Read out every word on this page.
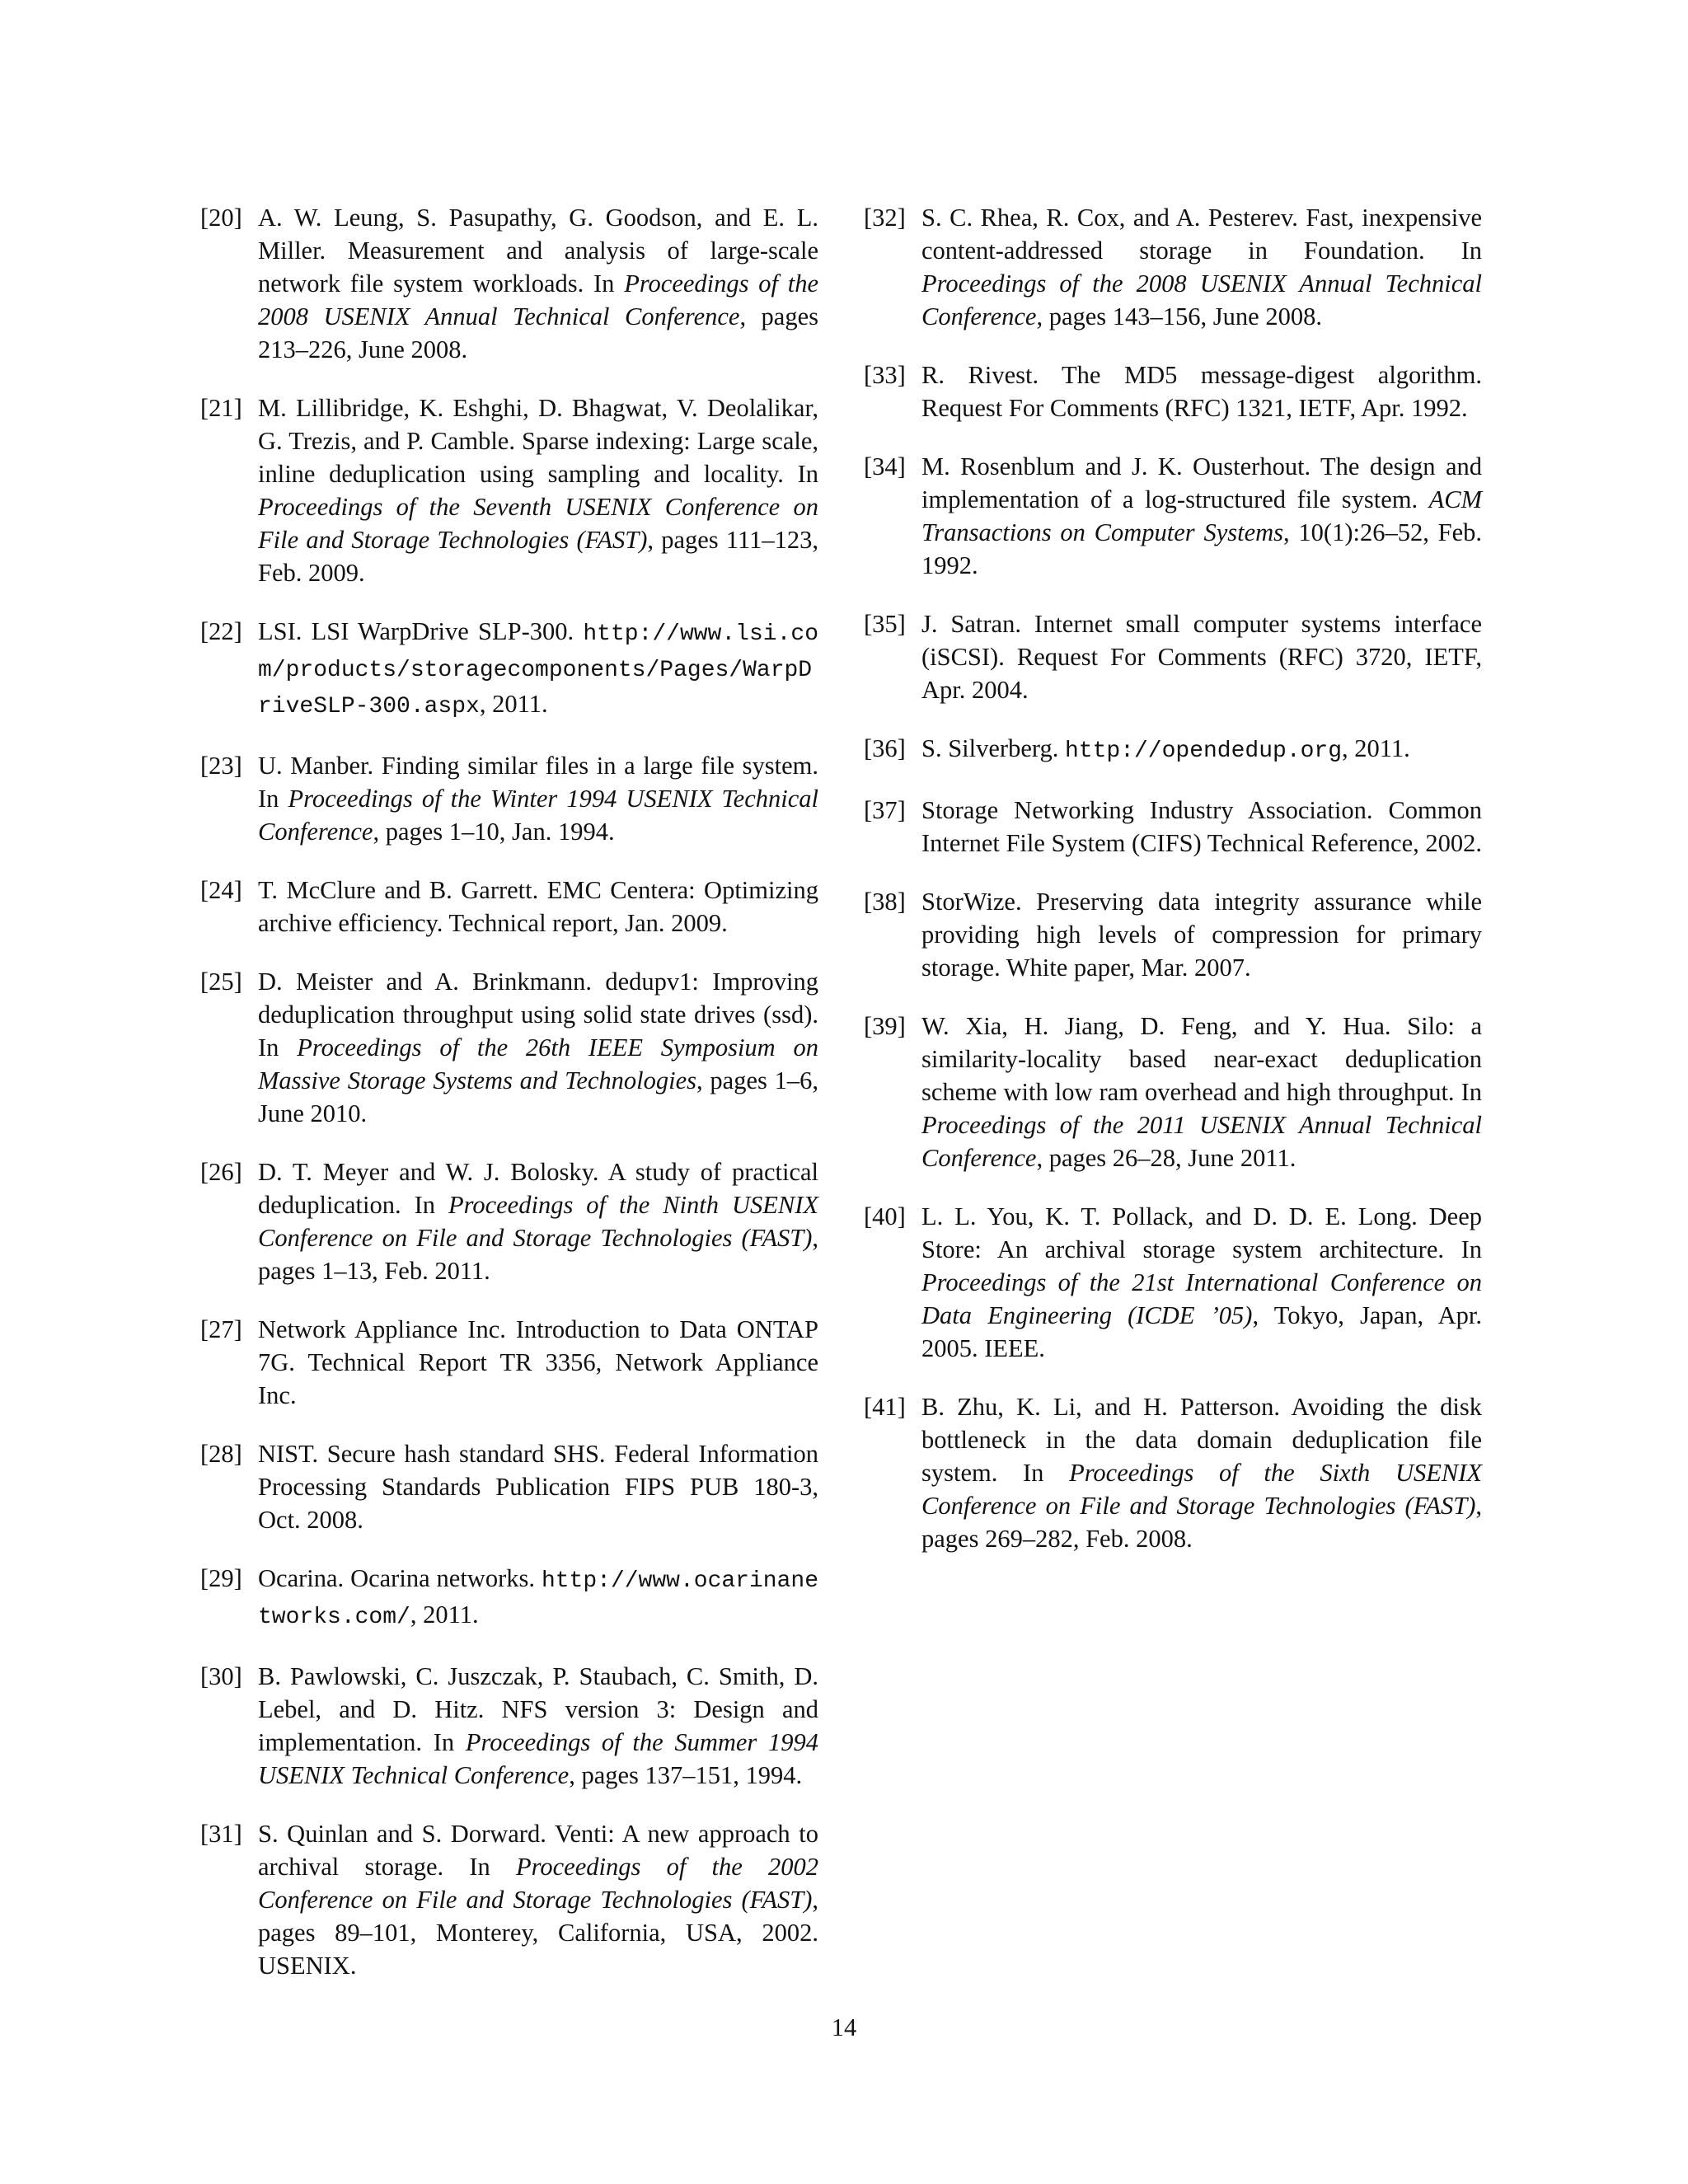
[20] A. W. Leung, S. Pasupathy, G. Goodson, and E. L. Miller. Measurement and analysis of large-scale network file system workloads. In Proceedings of the 2008 USENIX Annual Technical Conference, pages 213–226, June 2008.
[21] M. Lillibridge, K. Eshghi, D. Bhagwat, V. Deolalikar, G. Trezis, and P. Camble. Sparse indexing: Large scale, inline deduplication using sampling and locality. In Proceedings of the Seventh USENIX Conference on File and Storage Technologies (FAST), pages 111–123, Feb. 2009.
[22] LSI. LSI WarpDrive SLP-300. http://www.lsi.com/products/storagecomponents/Pages/WarpDriveSLP-300.aspx, 2011.
[23] U. Manber. Finding similar files in a large file system. In Proceedings of the Winter 1994 USENIX Technical Conference, pages 1–10, Jan. 1994.
[24] T. McClure and B. Garrett. EMC Centera: Optimizing archive efficiency. Technical report, Jan. 2009.
[25] D. Meister and A. Brinkmann. dedupv1: Improving deduplication throughput using solid state drives (ssd). In Proceedings of the 26th IEEE Symposium on Massive Storage Systems and Technologies, pages 1–6, June 2010.
[26] D. T. Meyer and W. J. Bolosky. A study of practical deduplication. In Proceedings of the Ninth USENIX Conference on File and Storage Technologies (FAST), pages 1–13, Feb. 2011.
[27] Network Appliance Inc. Introduction to Data ONTAP 7G. Technical Report TR 3356, Network Appliance Inc.
[28] NIST. Secure hash standard SHS. Federal Information Processing Standards Publication FIPS PUB 180-3, Oct. 2008.
[29] Ocarina. Ocarina networks. http://www.ocarinanetworks.com/, 2011.
[30] B. Pawlowski, C. Juszczak, P. Staubach, C. Smith, D. Lebel, and D. Hitz. NFS version 3: Design and implementation. In Proceedings of the Summer 1994 USENIX Technical Conference, pages 137–151, 1994.
[31] S. Quinlan and S. Dorward. Venti: A new approach to archival storage. In Proceedings of the 2002 Conference on File and Storage Technologies (FAST), pages 89–101, Monterey, California, USA, 2002. USENIX.
[32] S. C. Rhea, R. Cox, and A. Pesterev. Fast, inexpensive content-addressed storage in Foundation. In Proceedings of the 2008 USENIX Annual Technical Conference, pages 143–156, June 2008.
[33] R. Rivest. The MD5 message-digest algorithm. Request For Comments (RFC) 1321, IETF, Apr. 1992.
[34] M. Rosenblum and J. K. Ousterhout. The design and implementation of a log-structured file system. ACM Transactions on Computer Systems, 10(1):26–52, Feb. 1992.
[35] J. Satran. Internet small computer systems interface (iSCSI). Request For Comments (RFC) 3720, IETF, Apr. 2004.
[36] S. Silverberg. http://opendedup.org, 2011.
[37] Storage Networking Industry Association. Common Internet File System (CIFS) Technical Reference, 2002.
[38] StorWize. Preserving data integrity assurance while providing high levels of compression for primary storage. White paper, Mar. 2007.
[39] W. Xia, H. Jiang, D. Feng, and Y. Hua. Silo: a similarity-locality based near-exact deduplication scheme with low ram overhead and high throughput. In Proceedings of the 2011 USENIX Annual Technical Conference, pages 26–28, June 2011.
[40] L. L. You, K. T. Pollack, and D. D. E. Long. Deep Store: An archival storage system architecture. In Proceedings of the 21st International Conference on Data Engineering (ICDE ’05), Tokyo, Japan, Apr. 2005. IEEE.
[41] B. Zhu, K. Li, and H. Patterson. Avoiding the disk bottleneck in the data domain deduplication file system. In Proceedings of the Sixth USENIX Conference on File and Storage Technologies (FAST), pages 269–282, Feb. 2008.
14
